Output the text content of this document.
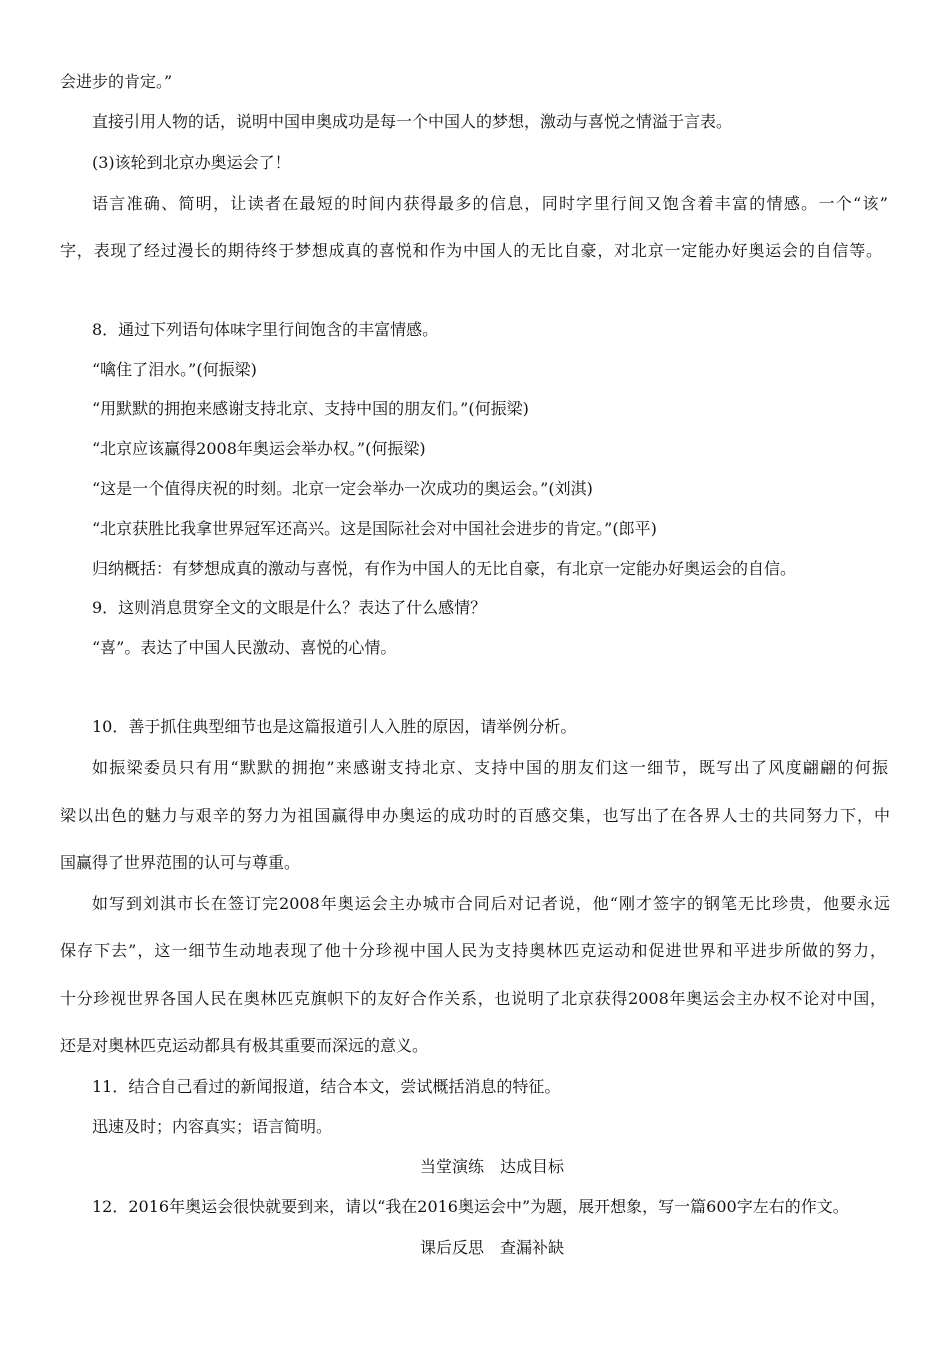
会进步的肯定。”
直接引用人物的话，说明中国申奥成功是每一个中国人的梦想，激动与喜悦之情溢于言表。
(3)该轮到北京办奥运会了！
语言准确、简明，让读者在最短的时间内获得最多的信息，同时字里行间又饱含着丰富的情感。一个“该”
字，表现了经过漫长的期待终于梦想成真的喜悦和作为中国人的无比自豪，对北京一定能办好奥运会的自信等。
8．通过下列语句体味字里行间饱含的丰富情感。
“噙住了泪水。”(何振梁)
“用默默的拥抱来感谢支持北京、支持中国的朋友们。”(何振梁)
“北京应该赢得2008年奥运会举办权。”(何振梁)
“这是一个值得庆祝的时刻。北京一定会举办一次成功的奥运会。”(刘淇)
“北京获胜比我拿世界冠军还高兴。这是国际社会对中国社会进步的肯定。”(郎平)
归纳概括：有梦想成真的激动与喜悦，有作为中国人的无比自豪，有北京一定能办好奥运会的自信。
9．这则消息贯穿全文的文眼是什么？表达了什么感情？
“喜”。表达了中国人民激动、喜悦的心情。
10．善于抓住典型细节也是这篇报道引人入胜的原因，请举例分析。
如振梁委员只有用“默默的拥抱”来感谢支持北京、支持中国的朋友们这一细节，既写出了风度翩翩的何振
梁以出色的魅力与艰辛的努力为祖国赢得申办奥运的成功时的百感交集，也写出了在各界人士的共同努力下，中
国赢得了世界范围的认可与尊重。
如写到刘淇市长在签订完2008年奥运会主办城市合同后对记者说，他“刚才签字的钢笔无比珍贵，他要永远
保存下去”，这一细节生动地表现了他十分珍视中国人民为支持奥林匹克运动和促进世界和平进步所做的努力，
十分珍视世界各国人民在奥林匹克旗帜下的友好合作关系，也说明了北京获得2008年奥运会主办权不论对中国，
还是对奥林匹克运动都具有极其重要而深远的意义。
11．结合自己看过的新闻报道，结合本文，尝试概括消息的特征。
迅速及时；内容真实；语言简明。
当堂演练　达成目标
12．2016年奥运会很快就要到来，请以“我在2016奥运会中”为题，展开想象，写一篇600字左右的作文。
课后反思　查漏补缺
